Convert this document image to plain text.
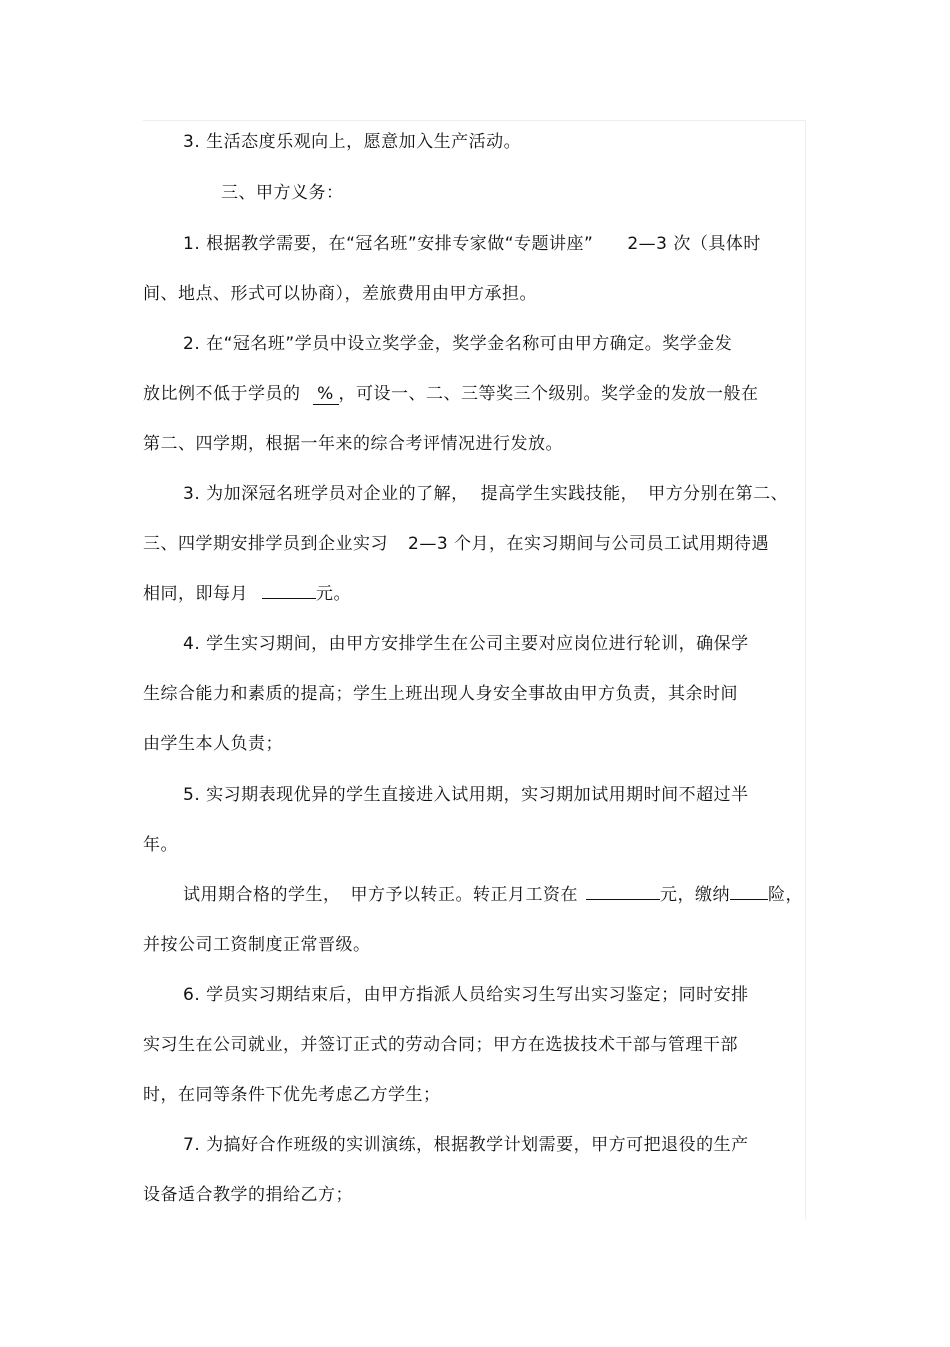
3. 生活态度乐观向上，愿意加入生产活动。
三、甲方义务：
1. 根据教学需要，在“冠名班”安排专家做“专题讲座” 2—3 次（具体时
间、地点、形式可以协商），差旅费用由甲方承担。
2. 在“冠名班”学员中设立奖学金，奖学金名称可由甲方确定。奖学金发
放比例不低于学员的 % ，可设一、二、三等奖三个级别。奖学金的发放一般在
第二、四学期，根据一年来的综合考评情况进行发放。
3. 为加深冠名班学员对企业的了解， 提高学生实践技能， 甲方分别在第二、
三、四学期安排学员到企业实习 2—3 个月，在实习期间与公司员工试用期待遇
相同，即每月	元。
4. 学生实习期间，由甲方安排学生在公司主要对应岗位进行轮训，确保学
生综合能力和素质的提高；学生上班出现人身安全事故由甲方负责，其余时间
由学生本人负责；
5. 实习期表现优异的学生直接进入试用期，实习期加试用期时间不超过半
年。
试用期合格的学生， 甲方予以转正。转正月工资在	元，缴纳 险，
并按公司工资制度正常晋级。
6. 学员实习期结束后，由甲方指派人员给实习生写出实习鉴定；同时安排
实习生在公司就业，并签订正式的劳动合同；甲方在选拔技术干部与管理干部
时，在同等条件下优先考虑乙方学生；
7. 为搞好合作班级的实训演练，根据教学计划需要，甲方可把退役的生产
设备适合教学的捐给乙方；
